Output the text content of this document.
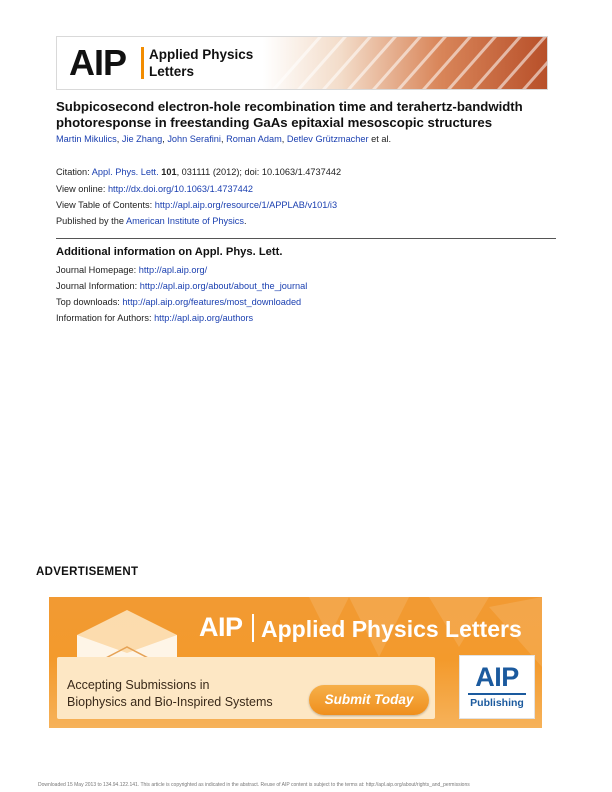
AIP Applied Physics Letters
Subpicosecond electron-hole recombination time and terahertz-bandwidth photoresponse in freestanding GaAs epitaxial mesoscopic structures
Martin Mikulics, Jie Zhang, John Serafini, Roman Adam, Detlev Grützmacher et al.
Citation: Appl. Phys. Lett. 101, 031111 (2012); doi: 10.1063/1.4737442
View online: http://dx.doi.org/10.1063/1.4737442
View Table of Contents: http://apl.aip.org/resource/1/APPLAB/v101/i3
Published by the American Institute of Physics.
Additional information on Appl. Phys. Lett.
Journal Homepage: http://apl.aip.org/
Journal Information: http://apl.aip.org/about/about_the_journal
Top downloads: http://apl.aip.org/features/most_downloaded
Information for Authors: http://apl.aip.org/authors
ADVERTISEMENT
AIP Applied Physics Letters
Accepting Submissions in
Biophysics and Bio-Inspired Systems	Submit Today
AIP
Publishing
Downloaded 15 May 2013 to 134.94.122.141. This article is copyrighted as indicated in the abstract. Reuse of AIP content is subject to the terms at: http://apl.aip.org/about/rights_and_permissions
